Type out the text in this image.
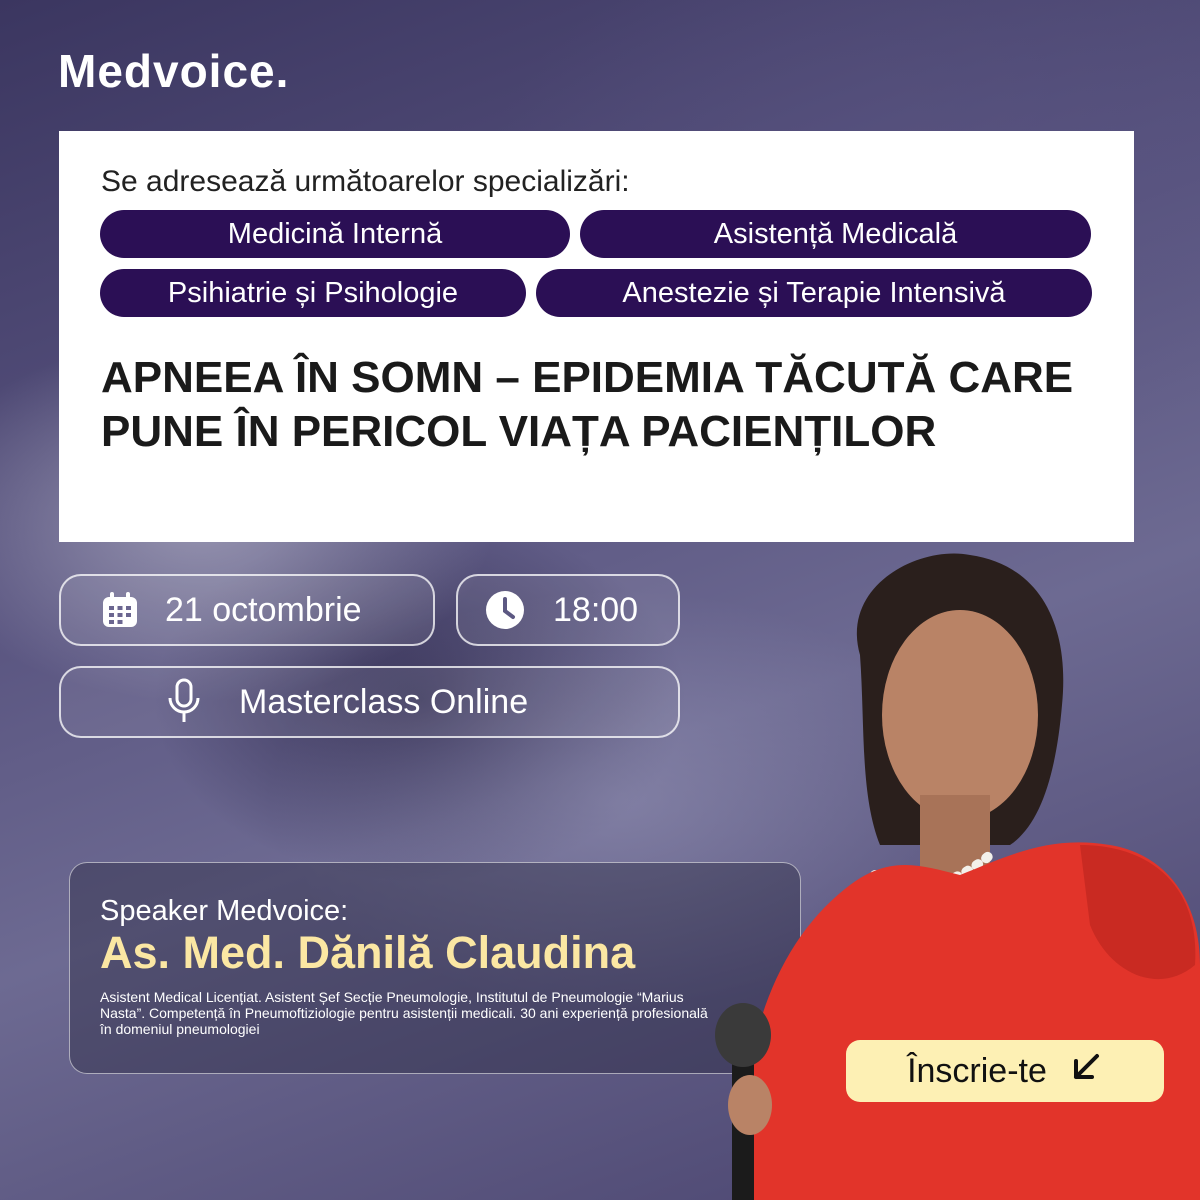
Medvoice.

Se adresează următoarelor specializări:

Medicină Internă	Asistență Medicală
Psihiatrie și Psihologie	Anestezie și Terapie Intensivă
APNEEA ÎN SOMN – EPIDEMIA TĂCUTĂ CARE PUNE ÎN PERICOL VIAȚA PACIENȚILOR
21 octombrie	18:00
Masterclass Online

Speaker Medvoice:

As. Med. Dănilă Claudina

Asistent Medical Licențiat. Asistent Șef Secție Pneumologie, Institutul de Pneumologie “Marius Nasta”. Competență în Pneumoftiziologie pentru asistenții medicali. 30 ani experiență profesională în domeniul pneumologiei

Înscrie-te
